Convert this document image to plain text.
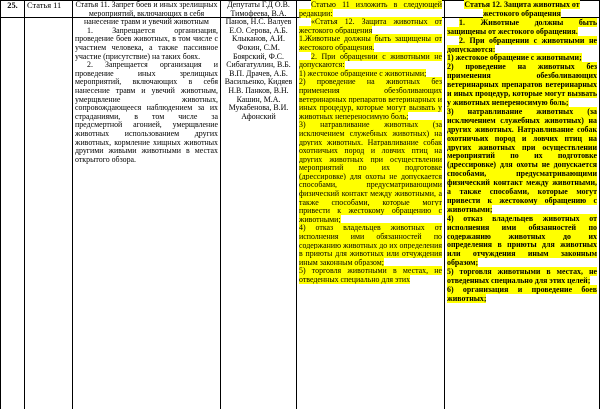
25.	Статья 11	Статья 11. Запрет боев и иных зрелищных мероприятий, включающих в себя нанесение травм и увечий животным

1. Запрещается организация, проведение боев животных, в том числе с участием человека, а также пассивное участие (присутствие) на таких боях.

2. Запрещается организация и проведение иных зрелищных мероприятий, включающих в себя нанесение травм и увечий животным, умерщвление животных, сопровождающееся наблюдением за их страданиями, в том числе за предсмертной агонией, умерщвление животных использованием других животных, кормление хищных животных другими живыми животными в местах открытого обзора.

Депутаты Г.Д О.В. Тимофеева, В.А. Панов, Н.С. Валуев Е.О. Серова, А.Б. Клыканов, А.И. Фокин, С.М. Боярский, Ф.С. Сибагатуллин, В.Б. В.П. Драчев, А.Б. Васильенко, Кидяев Н.В. Панков, В.Н. Кашин, М.А. Мукабенова, В.И. Афонский

Статью 11 изложить в следующей редакции:

«Статья 12. Защита животных от жестокого обращения

1.Животные должны быть защищены от жестокого обращения.

2. При обращении с животными не допускаются:

1) жестокое обращение с животными;

2) проведение на животных без применения обезболивающих ветеринарных препаратов ветеринарных и иных процедур, которые могут вызвать у животных непереносимую боль;

3) натравливание животных (за исключением служебных животных) на других животных. Натравливание собак охотничьих пород и ловчих птиц на других животных при осуществлении мероприятий по их подготовке (дрессировке) для охоты не допускается способами, предусматривающими физический контакт между животными, а также способами, которые могут привести к жестокому обращению с животными;

4) отказ владельцев животных от исполнения ими обязанностей по содержанию животных до их определения в приюты для животных или отчуждения иным законным образом;

5) торговля животными в местах, не отведенных специально для этих

Статья 12. Защита животных от жестокого обращения

1. Животные должны быть защищены от жестокого обращения.

2. При обращении с животными не допускаются:

1) жестокое обращение с животными;

2) проведение на животных без применения обезболивающих ветеринарных препаратов ветеринарных и иных процедур, которые могут вызвать у животных непереносимую боль;

3) натравливание животных (за исключением служебных животных) на других животных. Натравливание собак охотничьих пород и ловчих птиц на других животных при осуществлении мероприятий по их подготовке (дрессировке) для охоты не допускается способами, предусматривающими физический контакт между животными, а также способами, которые могут привести к жестокому обращению с животными;

4) отказ владельцев животных от исполнения ими обязанностей по содержанию животных до их определения в приюты для животных или отчуждения иным законным образом;

5) торговля животными в местах, не отведенных специально для этих целей;

6) организация и проведение боев животных;
